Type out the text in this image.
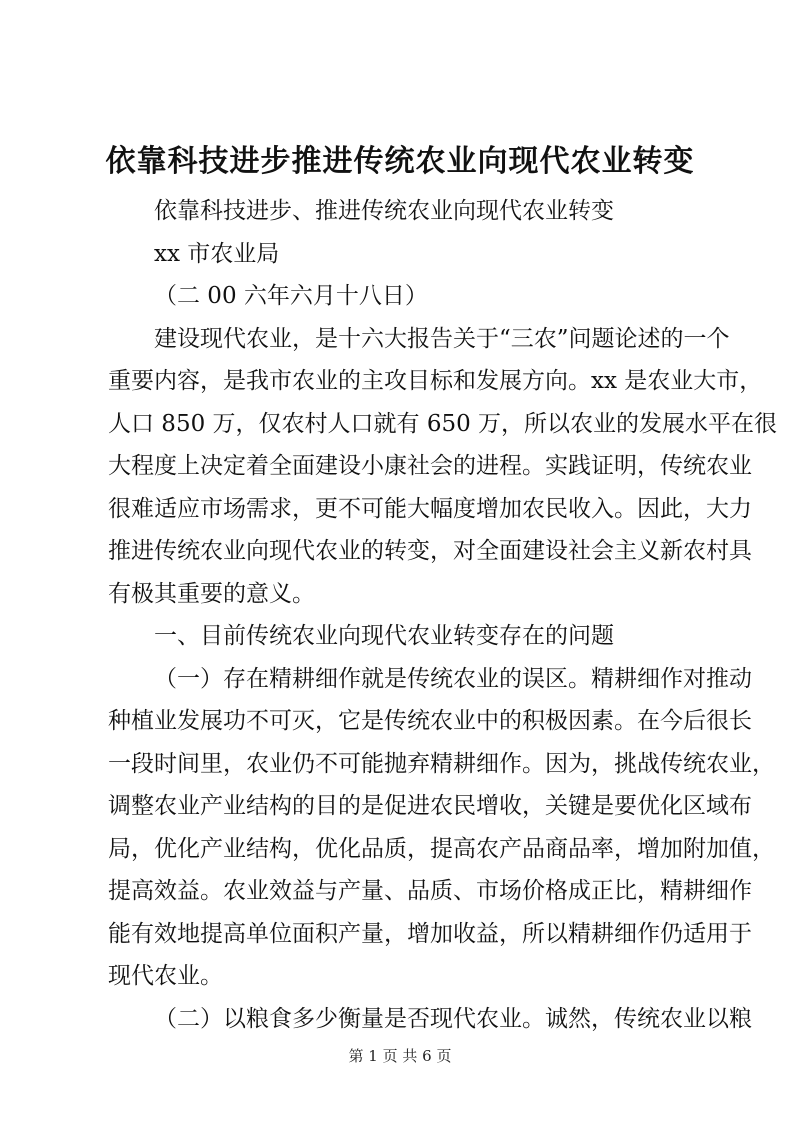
依靠科技进步推进传统农业向现代农业转变
依靠科技进步、推进传统农业向现代农业转变
xx 市农业局
（二 00 六年六月十八日）
建设现代农业，是十六大报告关于“三农”问题论述的一个
重要内容，是我市农业的主攻目标和发展方向。xx 是农业大市，
人口 850 万，仅农村人口就有 650 万，所以农业的发展水平在很
大程度上决定着全面建设小康社会的进程。实践证明，传统农业
很难适应市场需求，更不可能大幅度增加农民收入。因此，大力
推进传统农业向现代农业的转变，对全面建设社会主义新农村具
有极其重要的意义。
一、目前传统农业向现代农业转变存在的问题
（一）存在精耕细作就是传统农业的误区。精耕细作对推动
种植业发展功不可灭，它是传统农业中的积极因素。在今后很长
一段时间里，农业仍不可能抛弃精耕细作。因为，挑战传统农业，
调整农业产业结构的目的是促进农民增收，关键是要优化区域布
局，优化产业结构，优化品质，提高农产品商品率，增加附加值，
提高效益。农业效益与产量、品质、市场价格成正比，精耕细作
能有效地提高单位面积产量，增加收益，所以精耕细作仍适用于
现代农业。
（二）以粮食多少衡量是否现代农业。诚然，传统农业以粮
第 1 页 共 6 页
